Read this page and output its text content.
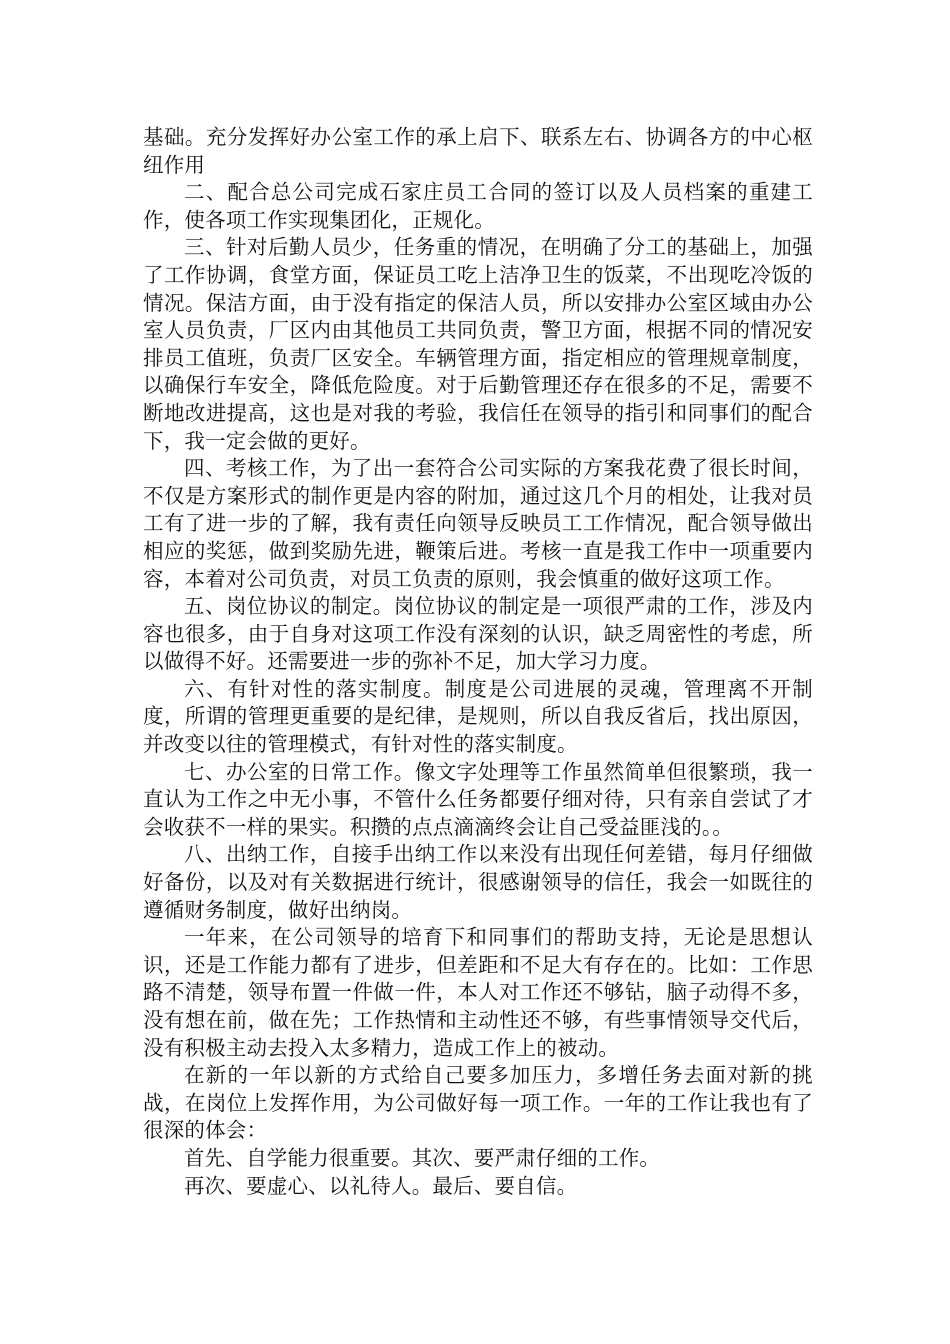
基础。充分发挥好办公室工作的承上启下、联系左右、协调各方的中心枢纽作用

二、配合总公司完成石家庄员工合同的签订以及人员档案的重建工作，使各项工作实现集团化，正规化。

三、针对后勤人员少，任务重的情况，在明确了分工的基础上，加强了工作协调，食堂方面，保证员工吃上洁净卫生的饭菜，不出现吃冷饭的情况。保洁方面，由于没有指定的保洁人员，所以安排办公室区域由办公室人员负责，厂区内由其他员工共同负责，警卫方面，根据不同的情况安排员工值班，负责厂区安全。车辆管理方面，指定相应的管理规章制度，以确保行车安全，降低危险度。对于后勤管理还存在很多的不足，需要不断地改进提高，这也是对我的考验，我信任在领导的指引和同事们的配合下，我一定会做的更好。

四、考核工作，为了出一套符合公司实际的方案我花费了很长时间，不仅是方案形式的制作更是内容的附加，通过这几个月的相处，让我对员工有了进一步的了解，我有责任向领导反映员工工作情况，配合领导做出相应的奖惩，做到奖励先进，鞭策后进。考核一直是我工作中一项重要内容，本着对公司负责，对员工负责的原则，我会慎重的做好这项工作。

五、岗位协议的制定。岗位协议的制定是一项很严肃的工作，涉及内容也很多，由于自身对这项工作没有深刻的认识，缺乏周密性的考虑，所以做得不好。还需要进一步的弥补不足，加大学习力度。

六、有针对性的落实制度。制度是公司进展的灵魂，管理离不开制度，所谓的管理更重要的是纪律，是规则，所以自我反省后，找出原因，并改变以往的管理模式，有针对性的落实制度。

七、办公室的日常工作。像文字处理等工作虽然简单但很繁琐，我一直认为工作之中无小事，不管什么任务都要仔细对待，只有亲自尝试了才会收获不一样的果实。积攒的点点滴滴终会让自己受益匪浅的。。

八、出纳工作，自接手出纳工作以来没有出现任何差错，每月仔细做好备份，以及对有关数据进行统计，很感谢领导的信任，我会一如既往的遵循财务制度，做好出纳岗。

一年来，在公司领导的培育下和同事们的帮助支持，无论是思想认识，还是工作能力都有了进步，但差距和不足大有存在的。比如：工作思路不清楚，领导布置一件做一件，本人对工作还不够钻，脑子动得不多，没有想在前，做在先；工作热情和主动性还不够，有些事情领导交代后，没有积极主动去投入太多精力，造成工作上的被动。

在新的一年以新的方式给自己要多加压力，多增任务去面对新的挑战，在岗位上发挥作用，为公司做好每一项工作。一年的工作让我也有了很深的体会：

首先、自学能力很重要。其次、要严肃仔细的工作。

再次、要虚心、以礼待人。最后、要自信。
